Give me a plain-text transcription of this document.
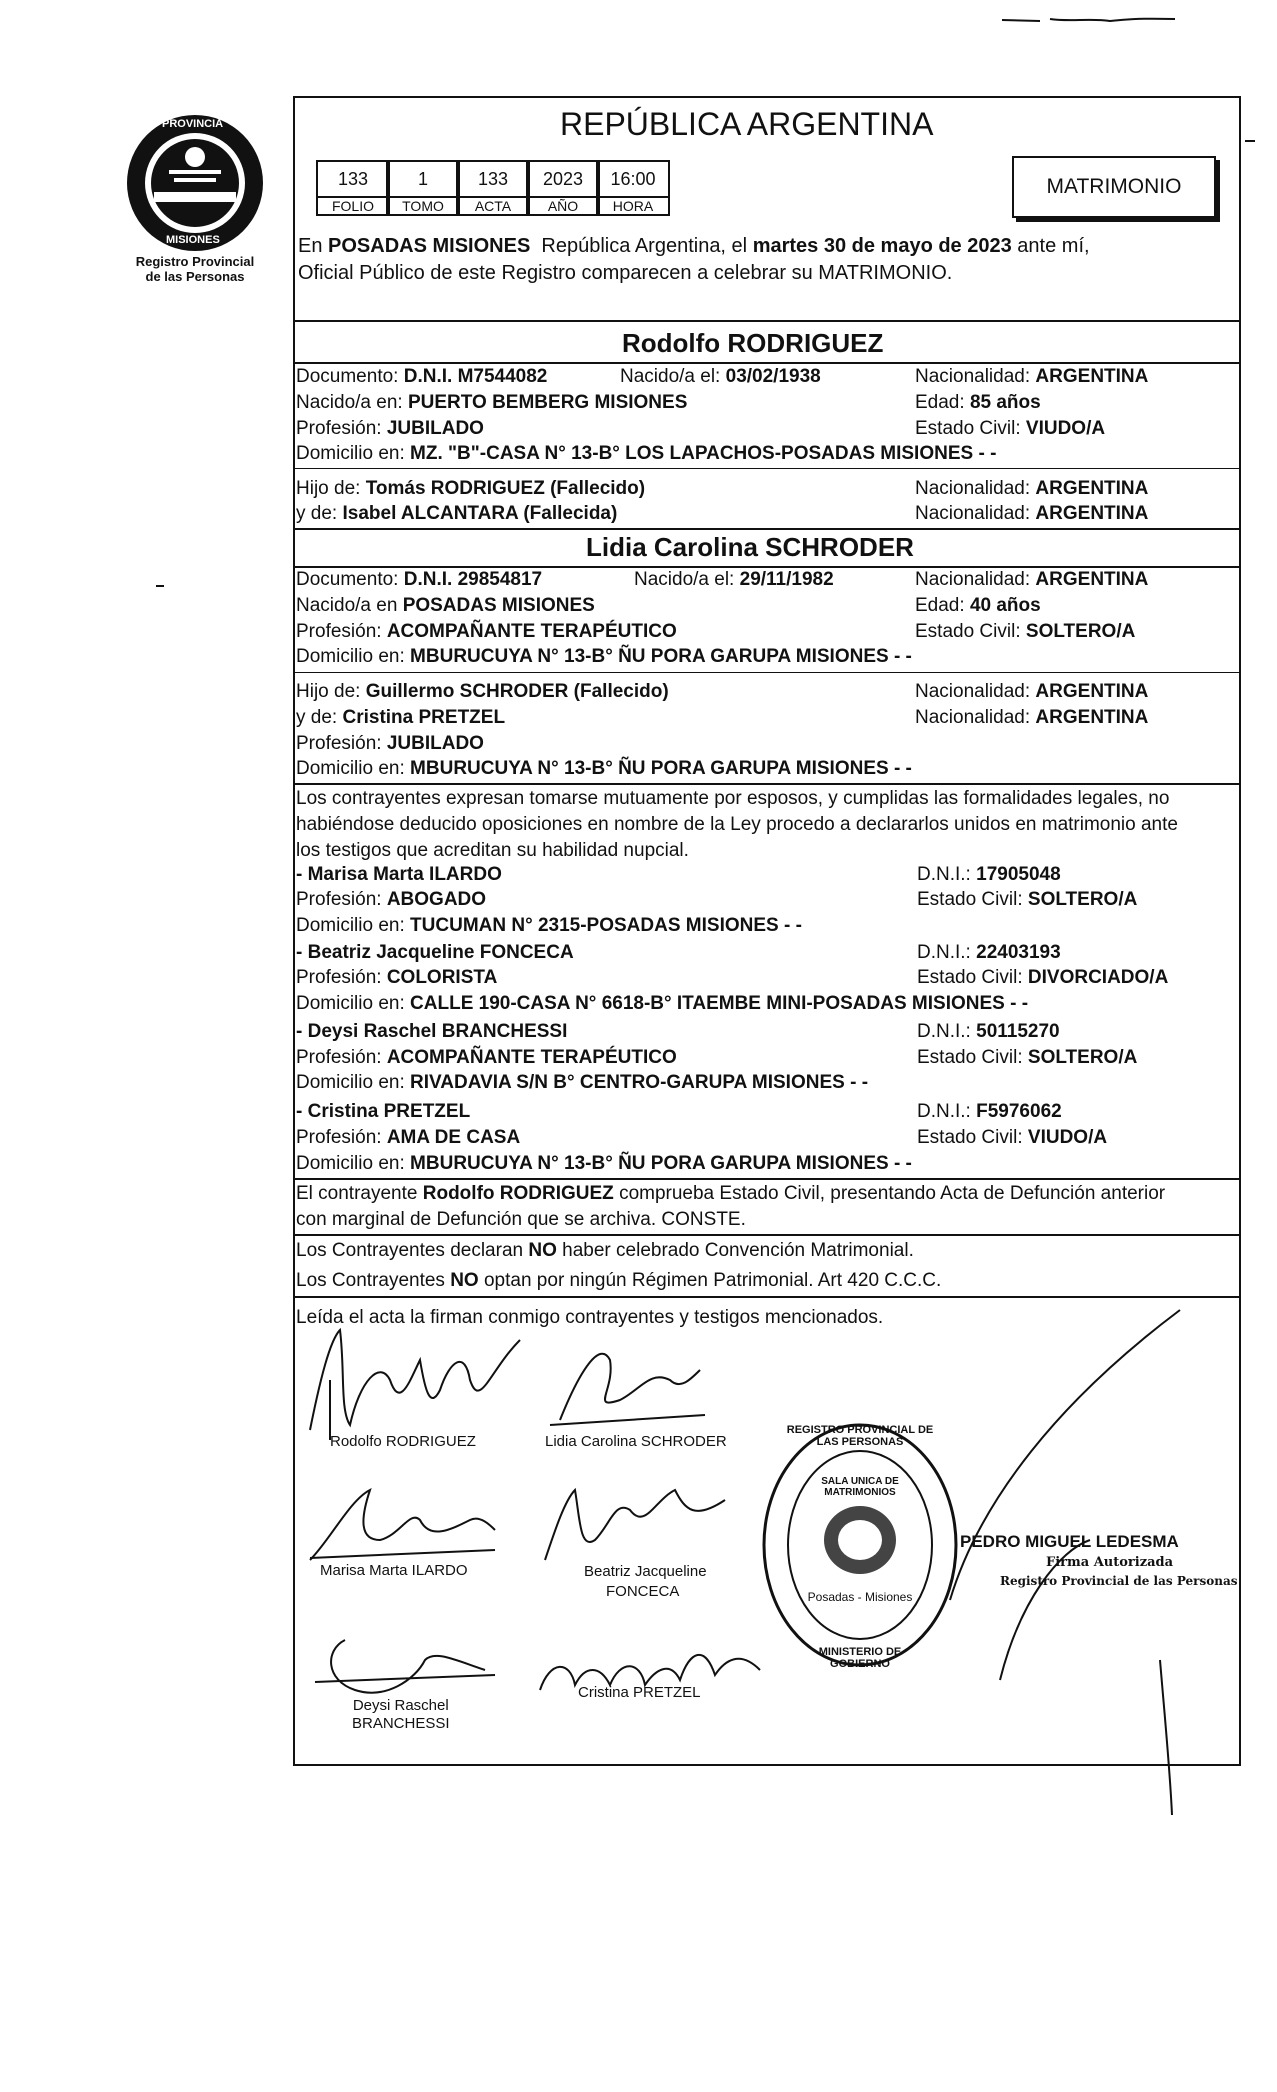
PROVINCIA
MISIONES
Registro Provincial
de las Personas
REPÚBLICA ARGENTINA
133	1	133	2023	16:00
FOLIO	TOMO	ACTA	AÑO	HORA
MATRIMONIO
En POSADAS MISIONES República Argentina, el martes 30 de mayo de 2023 ante mí,
Oficial Público de este Registro comparecen a celebrar su MATRIMONIO.
Rodolfo RODRIGUEZ
Documento: D.N.I. M7544082	Nacido/a el: 03/02/1938	Nacionalidad: ARGENTINA
Nacido/a en: PUERTO BEMBERG MISIONES	Edad: 85 años
Profesión: JUBILADO	Estado Civil: VIUDO/A
Domicilio en: MZ. "B"-CASA N° 13-B° LOS LAPACHOS-POSADAS MISIONES - -
Hijo de: Tomás RODRIGUEZ (Fallecido)	Nacionalidad: ARGENTINA
y de: Isabel ALCANTARA (Fallecida)	Nacionalidad: ARGENTINA
Lidia Carolina SCHRODER
Documento: D.N.I. 29854817	Nacido/a el: 29/11/1982	Nacionalidad: ARGENTINA
Nacido/a en POSADAS MISIONES	Edad: 40 años
Profesión: ACOMPAÑANTE TERAPÉUTICO	Estado Civil: SOLTERO/A
Domicilio en: MBURUCUYA N° 13-B° ÑU PORA GARUPA MISIONES - -
Hijo de: Guillermo SCHRODER (Fallecido)	Nacionalidad: ARGENTINA
y de: Cristina PRETZEL	Nacionalidad: ARGENTINA
Profesión: JUBILADO
Domicilio en: MBURUCUYA N° 13-B° ÑU PORA GARUPA MISIONES - -
Los contrayentes expresan tomarse mutuamente por esposos, y cumplidas las formalidades legales, no
habiéndose deducido oposiciones en nombre de la Ley procedo a declararlos unidos en matrimonio ante
los testigos que acreditan su habilidad nupcial.
- Marisa Marta ILARDO	D.N.I.: 17905048
Profesión: ABOGADO	Estado Civil: SOLTERO/A
Domicilio en: TUCUMAN N° 2315-POSADAS MISIONES - -
- Beatriz Jacqueline FONCECA	D.N.I.: 22403193
Profesión: COLORISTA	Estado Civil: DIVORCIADO/A
Domicilio en: CALLE 190-CASA N° 6618-B° ITAEMBE MINI-POSADAS MISIONES - -
- Deysi Raschel BRANCHESSI	D.N.I.: 50115270
Profesión: ACOMPAÑANTE TERAPÉUTICO	Estado Civil: SOLTERO/A
Domicilio en: RIVADAVIA S/N B° CENTRO-GARUPA MISIONES - -
- Cristina PRETZEL	D.N.I.: F5976062
Profesión: AMA DE CASA	Estado Civil: VIUDO/A
Domicilio en: MBURUCUYA N° 13-B° ÑU PORA GARUPA MISIONES - -
El contrayente Rodolfo RODRIGUEZ comprueba Estado Civil, presentando Acta de Defunción anterior
con marginal de Defunción que se archiva. CONSTE.
Los Contrayentes declaran NO haber celebrado Convención Matrimonial.
Los Contrayentes NO optan por ningún Régimen Patrimonial. Art 420 C.C.C.
Leída el acta la firman conmigo contrayentes y testigos mencionados.
Rodolfo RODRIGUEZ	Lidia Carolina SCHRODER
Marisa Marta ILARDO	Beatriz Jacqueline
FONCECA
Deysi Raschel
BRANCHESSI
Cristina PRETZEL
REGISTRO PROVINCIAL DE LAS PERSONAS
SALA UNICA DE MATRIMONIOS
Posadas - Misiones
MINISTERIO DE GOBIERNO
PEDRO MIGUEL LEDESMA
Firma Autorizada
Registro Provincial de las Personas
